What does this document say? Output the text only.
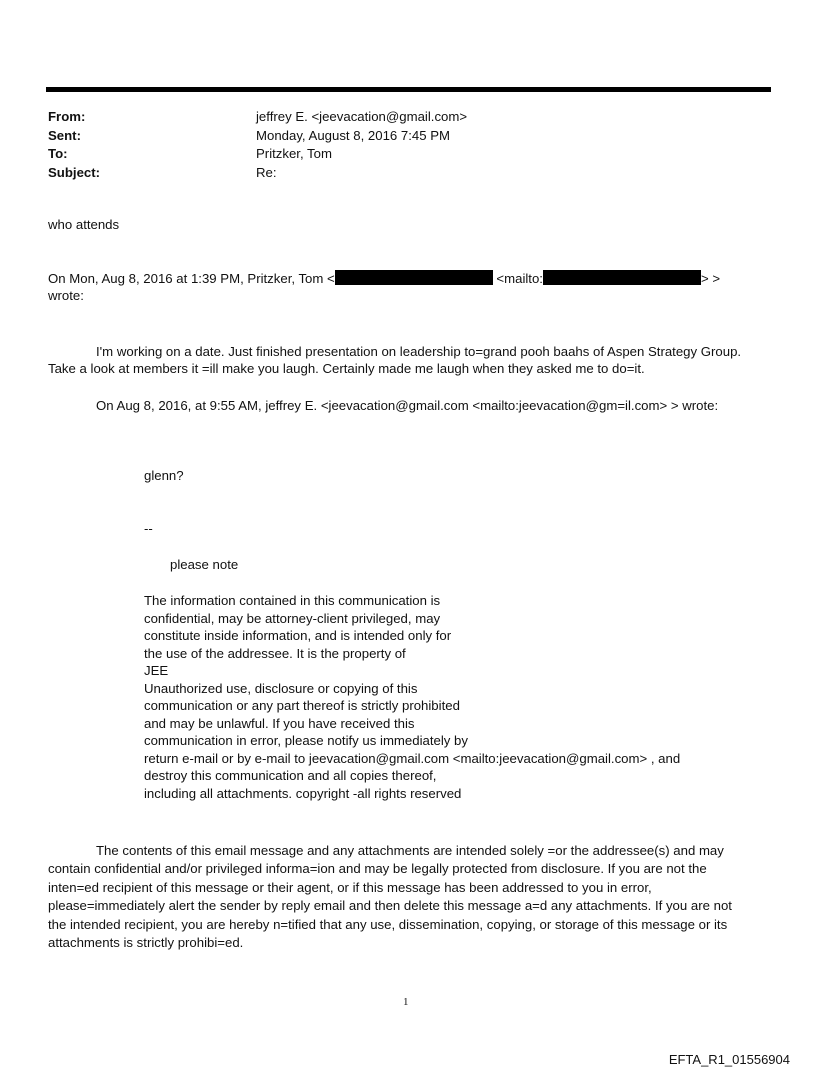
From:	jeffrey E. <jeevacation@gmail.com>
Sent:	Monday, August 8, 2016 7:45 PM
To:	Pritzker, Tom
Subject:	Re:
who attends
On Mon, Aug 8, 2016 at 1:39 PM, Pritzker, Tom <	<mailto:	> >
wrote:
I'm working on a date. Just finished presentation on leadership to=grand pooh baahs of Aspen Strategy Group.
Take a look at members it =ill make you laugh. Certainly made me laugh when they asked me to do=it.
On Aug 8, 2016, at 9:55 AM, jeffrey E. <jeevacation@gmail.com <mailto:jeevacation@gm=il.com> > wrote:
glenn?
--
please note
The information contained in this communication is
confidential, may be attorney-client privileged, may
constitute inside information, and is intended only for
the use of the addressee. It is the property of
JEE
Unauthorized use, disclosure or copying of this
communication or any part thereof is strictly prohibited
and may be unlawful. If you have received this
communication in error, please notify us immediately by
return e-mail or by e-mail to jeevacation@gmail.com <mailto:jeevacation@gmail.com> , and
destroy this communication and all copies thereof,
including all attachments. copyright -all rights reserved
The contents of this email message and any attachments are intended solely =or the addressee(s) and may
contain confidential and/or privileged informa=ion and may be legally protected from disclosure. If you are not the
inten=ed recipient of this message or their agent, or if this message has been addressed to you in error,
please=immediately alert the sender by reply email and then delete this message a=d any attachments. If you are not
the intended recipient, you are hereby n=tified that any use, dissemination, copying, or storage of this message or its
attachments is strictly prohibi=ed.
1
EFTA_R1_01556904
